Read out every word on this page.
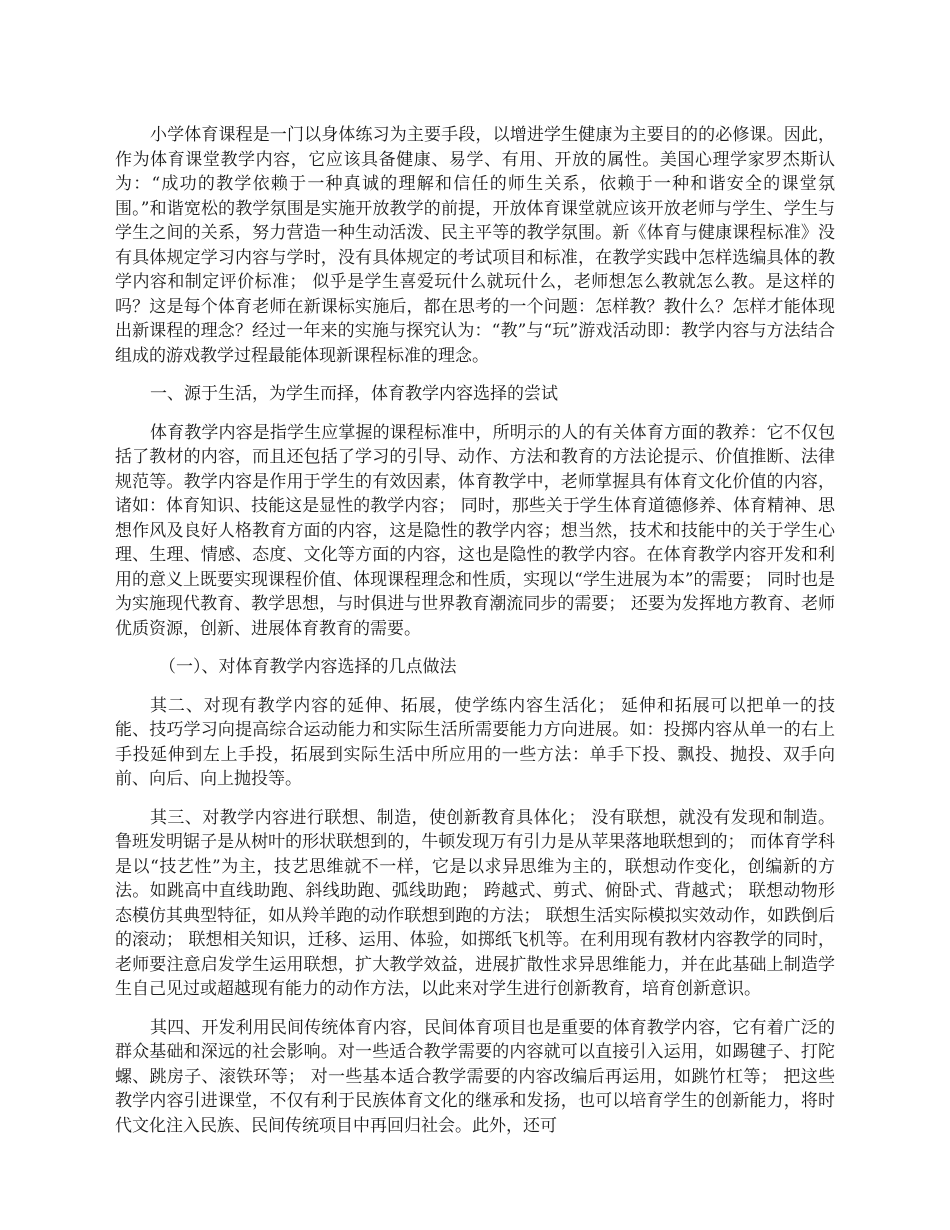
小学体育课程是一门以身体练习为主要手段，以增进学生健康为主要目的的必修课。因此，作为体育课堂教学内容，它应该具备健康、易学、有用、开放的属性。美国心理学家罗杰斯认为：“成功的教学依赖于一种真诚的理解和信任的师生关系，依赖于一种和谐安全的课堂氛围。”和谐宽松的教学氛围是实施开放教学的前提，开放体育课堂就应该开放老师与学生、学生与学生之间的关系，努力营造一种生动活泼、民主平等的教学氛围。新《体育与健康课程标准》没有具体规定学习内容与学时，没有具体规定的考试项目和标准，在教学实践中怎样选编具体的教学内容和制定评价标准； 似乎是学生喜爱玩什么就玩什么，老师想怎么教就怎么教。是这样的吗？这是每个体育老师在新课标实施后，都在思考的一个问题：怎样教？教什么？怎样才能体现出新课程的理念？经过一年来的实施与探究认为：“教”与“玩”游戏活动即：教学内容与方法结合组成的游戏教学过程最能体现新课程标准的理念。

一、源于生活，为学生而择，体育教学内容选择的尝试

体育教学内容是指学生应掌握的课程标准中，所明示的人的有关体育方面的教养：它不仅包括了教材的内容，而且还包括了学习的引导、动作、方法和教育的方法论提示、价值推断、法律规范等。教学内容是作用于学生的有效因素，体育教学中，老师掌握具有体育文化价值的内容，诸如：体育知识、技能这是显性的教学内容； 同时，那些关于学生体育道德修养、体育精神、思想作风及良好人格教育方面的内容，这是隐性的教学内容；想当然，技术和技能中的关于学生心理、生理、情感、态度、文化等方面的内容，这也是隐性的教学内容。在体育教学内容开发和利用的意义上既要实现课程价值、体现课程理念和性质，实现以“学生进展为本”的需要； 同时也是为实施现代教育、教学思想，与时俱进与世界教育潮流同步的需要； 还要为发挥地方教育、老师优质资源，创新、进展体育教育的需要。

（一）、对体育教学内容选择的几点做法

其二、对现有教学内容的延伸、拓展，使学练内容生活化； 延伸和拓展可以把单一的技能、技巧学习向提高综合运动能力和实际生活所需要能力方向进展。如：投掷内容从单一的右上手投延伸到左上手投，拓展到实际生活中所应用的一些方法：单手下投、飘投、抛投、双手向前、向后、向上抛投等。

其三、对教学内容进行联想、制造，使创新教育具体化； 没有联想，就没有发现和制造。鲁班发明锯子是从树叶的形状联想到的，牛顿发现万有引力是从苹果落地联想到的； 而体育学科是以“技艺性”为主，技艺思维就不一样，它是以求异思维为主的，联想动作变化，创编新的方法。如跳高中直线助跑、斜线助跑、弧线助跑； 跨越式、剪式、俯卧式、背越式； 联想动物形态模仿其典型特征，如从羚羊跑的动作联想到跑的方法； 联想生活实际模拟实效动作，如跌倒后的滚动； 联想相关知识，迁移、运用、体验，如掷纸飞机等。在利用现有教材内容教学的同时，老师要注意启发学生运用联想，扩大教学效益，进展扩散性求异思维能力，并在此基础上制造学生自己见过或超越现有能力的动作方法，以此来对学生进行创新教育，培育创新意识。

其四、开发利用民间传统体育内容，民间体育项目也是重要的体育教学内容，它有着广泛的群众基础和深远的社会影响。对一些适合教学需要的内容就可以直接引入运用，如踢毽子、打陀螺、跳房子、滚铁环等； 对一些基本适合教学需要的内容改编后再运用，如跳竹杠等； 把这些教学内容引进课堂，不仅有利于民族体育文化的继承和发扬，也可以培育学生的创新能力，将时代文化注入民族、民间传统项目中再回归社会。此外，还可
